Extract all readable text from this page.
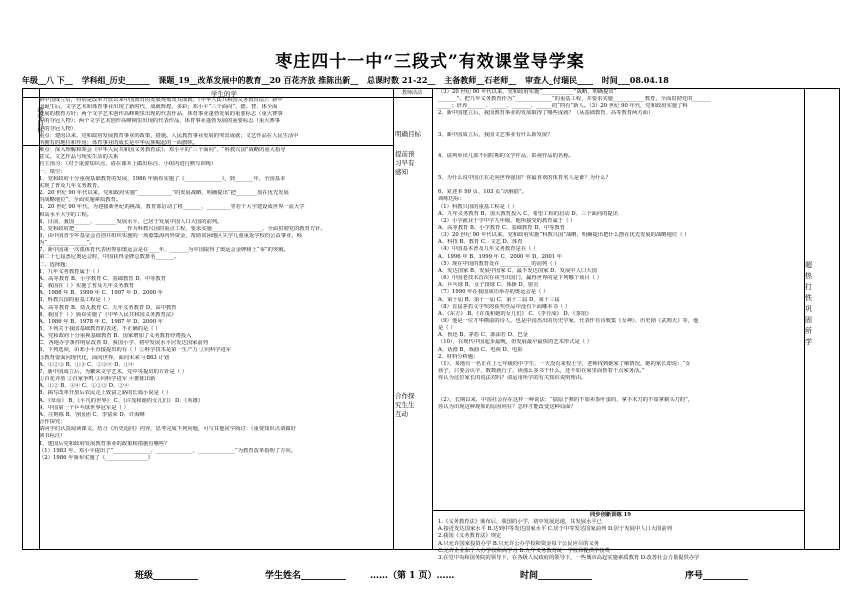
枣庄四十一中“三段式”有效课堂导学案
年级__八 下__ 学科组_历史______ 课题_19__改革发展中的教育__20 百花齐放 推陈出新__ 总课时数 21-22__ 主备教师__石老师__ 审查人_付瑞民____ 时间___08.04.18
学生的学	教师活动
教学目标

新中国成立后，特别是改革开放以来中国教育的发展规划及其成就；《中华人民共和国义务教育法》；新中

国诞生后，文学艺术和体育事业出现了新时代、成就辉煌、多彩；邓小平“三个面向”、德、智、体全面

发展的教育方针；两个文学艺术创作高峰期里出现的代表作品，体育事业蓬勃发展的重要标志（重大赛事

中的夺冠人物）；两个文学艺术创作高峰期里出现的代表作品，体育事业蓬勃发展的重要标志（重大赛事

中的夺冠人物）

重点：建国以来，党和政府发展教育事业的政策、措施。人民教育事业发展的突出成就；文艺作品在人民生活中

所拥有的地位和作用；体育事业的成长是中华民族崛起的一面旗帜。

难点：深入理解和领会《中华人民共和国义务教育法》、邓小平的“三个面向”、“科教兴国”战略的重大指导

意义。文艺作品与现实生活的关系

自主预习：（对于重要知识点，请在课本上做出标注，小组内进行默写训练）

一、填空：

1、党和政府十分重视基础教育的发展，1986 年颁布实施了《______________》，到_______年，全国基本

实现了普及九年义务教育。

2、20 世纪 90 年代以来，党和政府实施“_____________”的发展战略，明确提出“把________放在优先发展

的战略地位”，全面实施素质教育。

3、20 世纪 90 年代，为迎接新世纪的挑战，教育部启动了将_______、_________等若干大学建设成世界一流大学

和高水平大学的工程。

4、目前，我国______、________发展水平，已居于发展中国人口大国的前列。

5、党和政府把____________________作为科教兴国的重点工程，要求实施___________________，全面贯彻党的教育方针。

6、由中国青少年基金会首创并组织实施的一项募集海内外资金，帮助贫困地区失学儿童重返学校的公益事业，称

为“_______________”。

7、新中国第一次派体育代表团参加奥运会是在____年，_______为中国取得了奥运会金牌榜上“零”的突破。

第二十七届悉尼奥运会时，中国获得金牌总数排名_______。

二、选择题：

1、九年义务教育属于（ ）

A、高等教育 B、小学教育 C、基础教育 D、中等教育

2、我国在（ ）实施了普及九年义务教育

A、1986 年 B、1999 年 C、1997 年 D、2000 年

3、科教兴国的重基工程是（ ）

A、高等教育 B、幼儿教育 C、九年义务教育 D、高中教育

4、我国于（ ）颁布实施了《中华人民共和国义务教育法》

A、1986 年 B、1978 年 C、1987 年 D、2000 年

5、下列关于我国基础教育的表述，不正确的是（ ）

A、党和政府十分重视基础教育 B、国家增加了义务教育经费投入

C、各地办学条件明显改善 D、我国小学、初中发展水平居发达国家前列

6、下列选项，由邓小平直接提出的有（ ）①科学技术是第一生产力 ②向科学进军

③教育要面向现代化，面向世界，面向未来 ④863 计划

A、①②③ B、①③ C、②③④ D、①④

7、新中国成立后，为繁荣文学艺术，党中央提出的方针是（ ）

①百花齐放 ②百家争鸣 ③向科学进军 ④推陈出新

A、①② B、③④ C、①②③ D、②④

8、揭写改革开放后农民走上致富之路的长篇小说是（ ）

A、《草原》 B、《平凡的世界》 C、《许茂和她的女儿们》 D、《英雄》

9、中国第一个乒乓球世界冠军是（ ）

A、庄则栋 B、容国团 C、李富荣 D、许海峰

合作探究：

请同学们认真阅读课文，结合《历史追问》内容，思考完成下列问题，可与其他同学商讨：（重要知识点请做好

读书标注）

1、建国后党和政府发展教育事业的政策和措施有哪些？

（1）1983 年，邓小平提出了“______________、______________、______________”为教育改革指明了方向。

（2）1986 年颁布实施了《________________》

明确目标
提前预习早有感知
合作探究生生互动

（3）20 世纪 90 年代以来，党和政府实施“____________”战略，明确提出“

_______”，把九年义务教育作为“______________”的重基工程，并要求实施____________教育，全面贯彻党的_______

_____；培养_______、______、_______、______的“四有”新人。（3）20 世纪 90 年代，党和政府实施了科

2、新中国建立后，我国教育事业的发展取得了哪些成就？（从基础教育、高等教育两方面）

3、新中国成立后，我国文艺事业有什么新发展？

4、请列举出几部不同时期的文学作品，影视作品的名称。

5、为什么说中国正在走向世界强国？你最喜欢的体育名人是谁？为什么？

6、复述本 99 页、103 页“动脑筋”。

训练达标：

（1）科教兴国的重基工程是（ ）

A、九年义务教育 B、加大教育投入 C、希望工程的启动 D、三个面向的提出

（2）小学就业于学中学九年级，他所接受的教育属于（ ）

A、高等教育 B、小学教育 C、基础教育 D、中等教育

（3）20 世纪 90 年代以来，党和政府实施“科教兴国”战略，明确提出把什么摆在优先发展的战略地位（ ）

A、科技 B、教育 C、文艺 D、体育

（4）中国基本普及九年义务教育是在（ ）

A、1996 年 B、1999 年 C、2000 年 D、2001 年

（5）现在中国的教育处在____________的前列（ ）

A、发达国家 B、发展中国家 C、最不发达国家 D、发展中人口大国

（6）中国老技术首次在该当出国门，赢得世界的是下列哪个项目（ ）

A、乒乓球 B、女子排球 C、体操 D、射击

（7）1990 年在我国成功举办的奥运会是（ ）

A、第十届 B、第十一届 C、第十二届 D、第十三届

（8）首届茅盾文学奖的获奖作品中没有下面哪本书（ ）

A、《东方》 B、《许茂和她的女儿们》 C、《李自成》 D、《茶馆》

（9）他是一位才华横溢的诗人，也是中国杰出的历史学家，代表作有诗歌集《女神》、历史剧《武则天》等，他

是（ ）

A、鲁迅 B、茅盾 C、郭沫若 D、巴金

（10）、在现代中国起步最晚，但发展最早最快的艺术形式是（ ）

A、话剧 B、戏曲 C、电视 D、电影

2、材料分析题：

（1）、某地有一名正在上七年级的中学生，一天没有来校上学，老师找到她家了解情况，她的家长却说：“女

孩子，只要会认字、数数就行了，读那么多书干什么，还不如在家里面帮着干点家务活。”

你认为这位家长的说法对吗？请运用所学的有关知识说明理由。

（2）、长期以来，中国社会存在这样一种说法：“搞原子弹的不如卖茶叶蛋的，拿手术刀的不如拿剃头刀的”，

你认为出现这种现象的原因何在？怎样才能改变这种局面？

同步创新训练 19

1.《义务教育法》颁布后，我国的小学，初中发展迅速，其发展水平已

A.接近发达国家水平 B.达到中等发达国家水平 C.居于中等发达国家前列 D.居于发展中人口大国前列

2.我国《义务教育法》规定

A.只允许国家投资办学 B.只允许公办学校和资金每个公民应尽的义务

C.允许企业和个人办学校和高学习 D.九年义务教育统一学校和提供学校费

3.在党中央和国务院的领导下，在各级人民政府的领导下，一些城市高起实施素质教育 D.改善社会力量提供办学

超
热
打
铁
巩
固
所
学
班级__________	学生姓名__________	……（第 1 页）……	时间____________	序号__________
